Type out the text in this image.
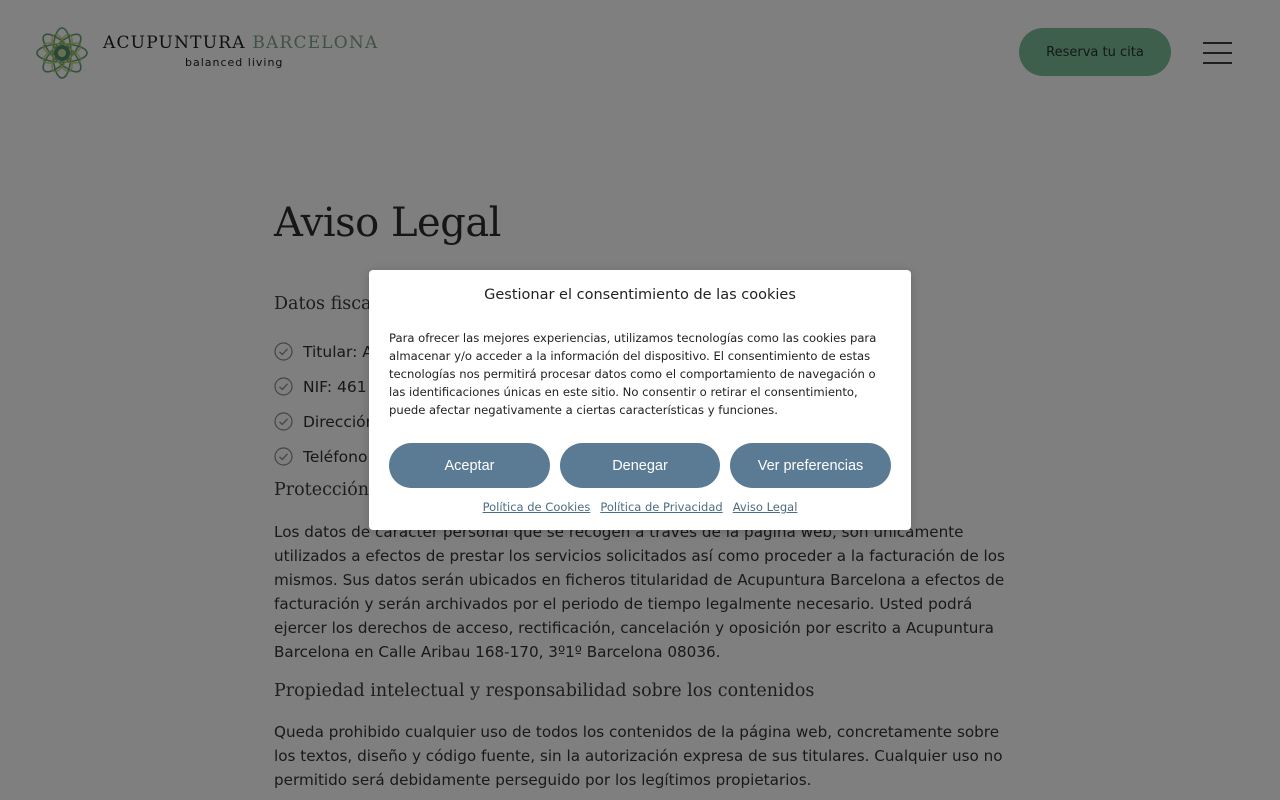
Gestionar el consentimiento de las cookies

Para ofrecer las mejores experiencias, utilizamos tecnologías como las cookies para almacenar y/o acceder a la información del dispositivo. El consentimiento de estas tecnologías nos permitirá procesar datos como el comportamiento de navegación o las identificaciones únicas en este sitio. No consentir o retirar el consentimiento, puede afectar negativamente a ciertas características y funciones.

Aceptar	Denegar	Ver preferencias
Política de Cookies Política de Privacidad Aviso Legal
